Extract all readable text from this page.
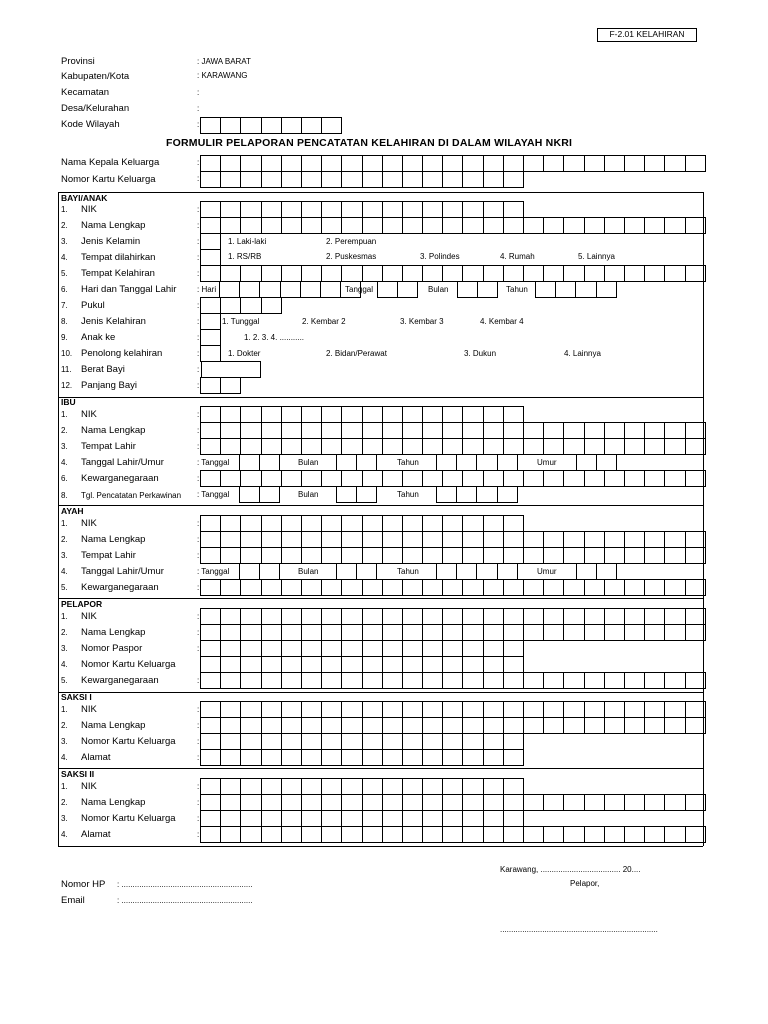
F-2.01 KELAHIRAN
Provinsi	: JAWA BARAT
Kabupaten/Kota	: KARAWANG
Kecamatan	:
Desa/Kelurahan	:
Kode Wilayah	:
FORMULIR PELAPORAN PENCATATAN KELAHIRAN DI DALAM WILAYAH NKRI
Nama Kepala Keluarga	:
Nomor Kartu Keluarga	:
BAYI/ANAK
1. NIK	:
2. Nama Lengkap	:
3. Jenis Kelamin	:	1. Laki-laki	2. Perempuan
4. Tempat dilahirkan	:	1. RS/RB	2. Puskesmas	3. Polindes	4. Rumah	5. Lainnya
5. Tempat Kelahiran	:
6. Hari dan Tanggal Lahir	: Hari	Tanggal	Bulan	Tahun
7. Pukul	:
8. Jenis Kelahiran	:	1. Tunggal	2. Kembar 2	3. Kembar 3	4. Kembar 4
9. Anak ke	:	1. 2. 3. 4. ...........
10. Penolong kelahiran	:	1. Dokter	2. Bidan/Perawat	3. Dukun	4. Lainnya
11. Berat Bayi	:
12. Panjang Bayi	:
IBU
1. NIK	:
2. Nama Lengkap	:
3. Tempat Lahir	:
4. Tanggal Lahir/Umur	: Tanggal	Bulan	Tahun	Umur
6. Kewarganegaraan	:
8. Tgl. Pencatatan Perkawinan : Tanggal	Bulan	Tahun
AYAH
1. NIK	:
2. Nama Lengkap	:
3. Tempat Lahir	:
4. Tanggal Lahir/Umur	: Tanggal	Bulan	Tahun	Umur
5. Kewarganegaraan	:
PELAPOR
1. NIK	:
2. Nama Lengkap	:
3. Nomor Paspor	:
4. Nomor Kartu Keluarga
5. Kewarganegaraan	:
SAKSI I
1. NIK	:
2. Nama Lengkap	:
3. Nomor Kartu Keluarga	:
4. Alamat	:
SAKSI II
1. NIK	:
2. Nama Lengkap	:
3. Nomor Kartu Keluarga	:
4. Alamat	:
Karawang, .................................... 20....
Pelapor,
Nomor HP : ...........................................................
Email	: ...........................................................
.......................................................................
